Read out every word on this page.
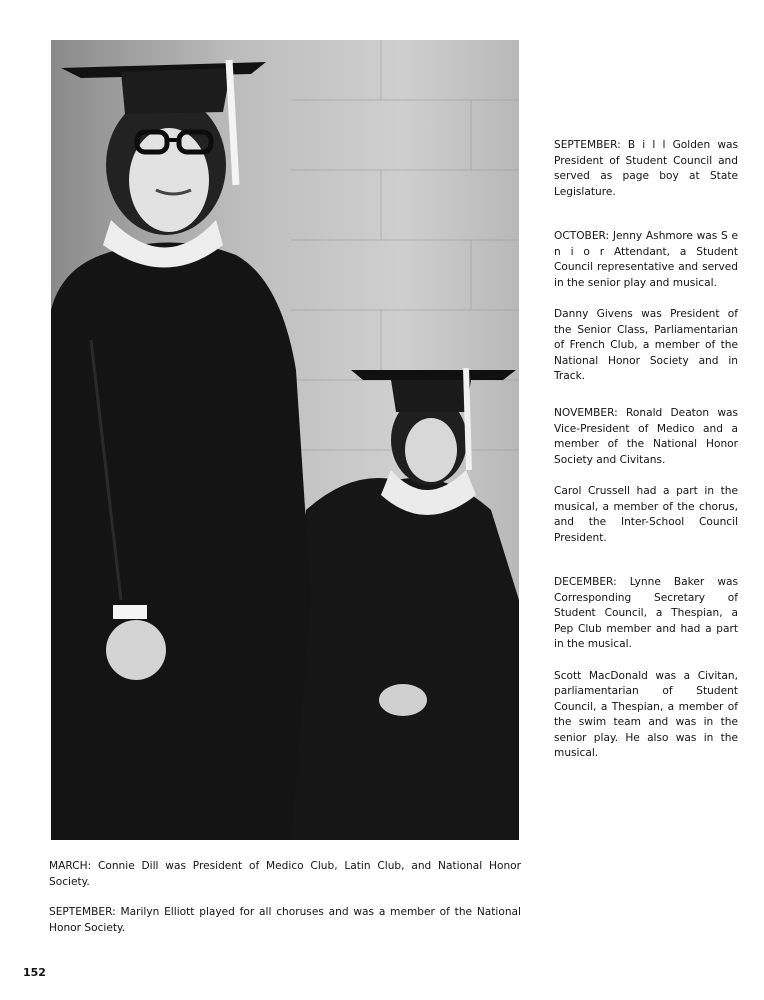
SEPTEMBER: B i l l Golden was President of Student Council and served as page boy at State Legislature.

OCTOBER: Jenny Ashmore was S e n i o r Attendant, a Student Council representative and served in the senior play and musical.

Danny Givens was President of the Senior Class, Parliamentarian of French Club, a member of the National Honor Society and in Track.

NOVEMBER: Ronald Deaton was Vice-President of Medico and a member of the National Honor Society and Civitans.

Carol Crussell had a part in the musical, a member of the chorus, and the Inter-School Council President.

DECEMBER: Lynne Baker was Corresponding Secretary of Student Council, a Thespian, a Pep Club member and had a part in the musical.

Scott MacDonald was a Civitan, parliamentarian of Student Council, a Thespian, a member of the swim team and was in the senior play. He also was in the musical.

MARCH: Connie Dill was President of Medico Club, Latin Club, and National Honor Society.

SEPTEMBER: Marilyn Elliott played for all choruses and was a member of the National Honor Society.

152
